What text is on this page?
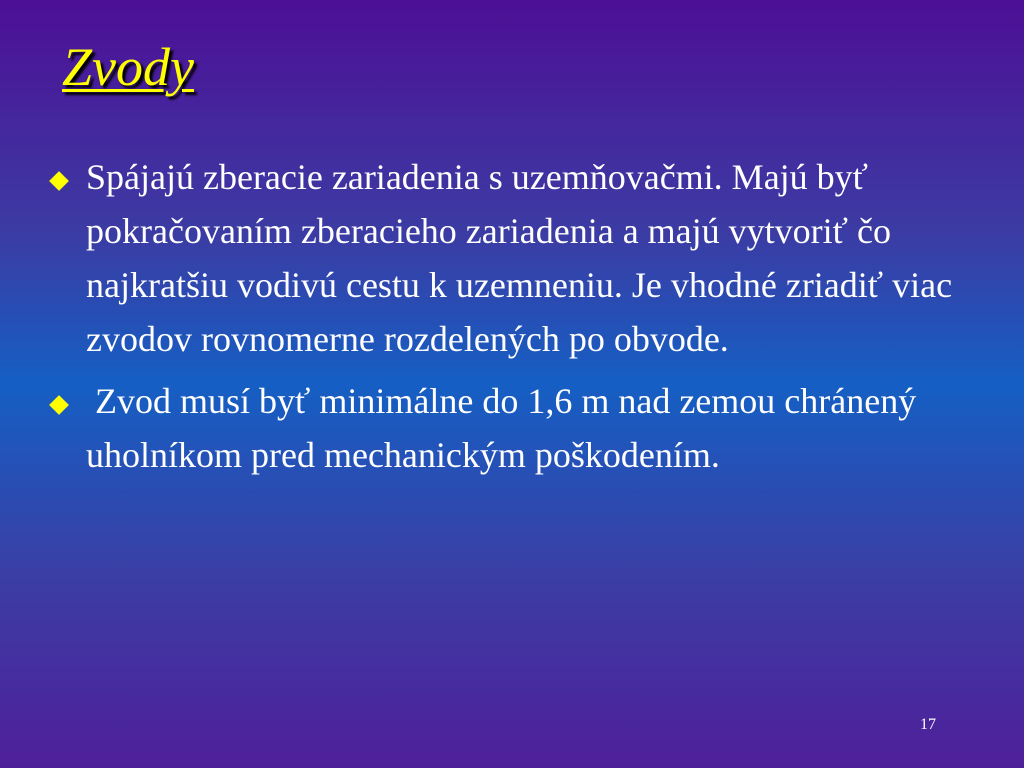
Zvody
Spájajú zberacie zariadenia s uzemňovačmi. Majú byť pokračovaním zberacieho zariadenia a majú vytvoriť čo najkratšiu vodivú cestu k uzemneniu. Je vhodné zriadiť viac zvodov rovnomerne rozdelených po obvode.
Zvod musí byť minimálne do 1,6 m nad zemou chránený uholníkom pred mechanickým poškodením.
17
